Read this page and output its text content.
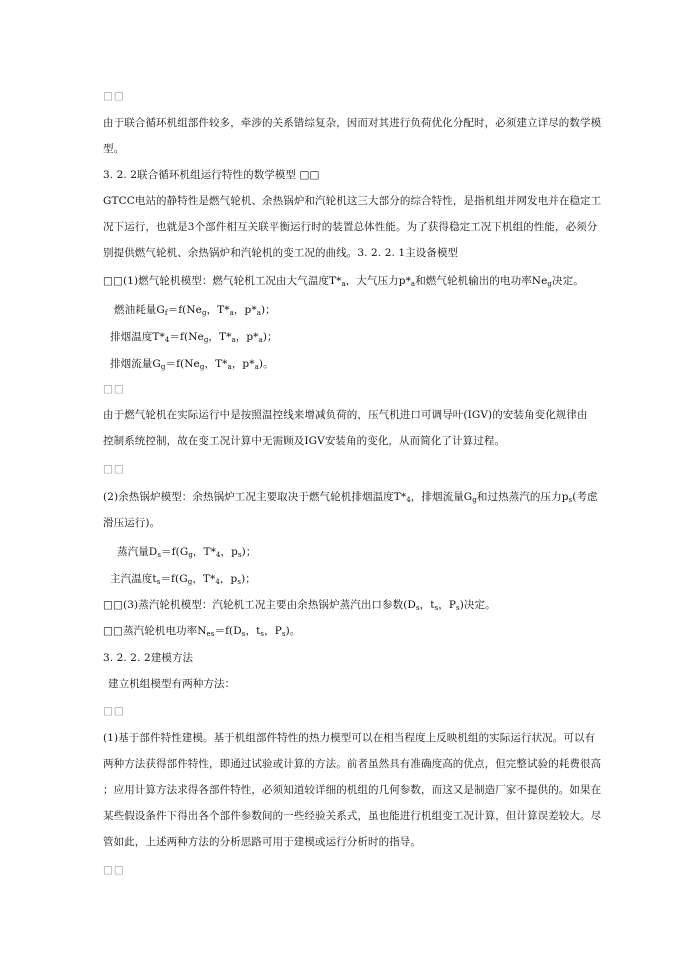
□□
由于联合循环机组部件较多，牵涉的关系错综复杂，因而对其进行负荷优化分配时，必须建立详尽的数学模
型。
3. 2. 2联合循环机组运行特性的数学模型 □□
GTCC电站的静特性是燃气轮机、余热锅炉和汽轮机这三大部分的综合特性，是指机组并网发电并在稳定工
况下运行，也就是3个部件相互关联平衡运行时的装置总体性能。为了获得稳定工况下机组的性能，必须分
别提供燃气轮机、余热锅炉和汽轮机的变工况的曲线。3. 2. 2. 1主设备模型
□□(1)燃气轮机模型：燃气轮机工况由大气温度$T*_a$，大气压力$p*_a$和燃气轮机输出的电功率$Ne_g$决定。
燃油耗量$G_f=f(Ne_g$，$T*_a$，$p*_a$)；
排烟温度$T*_4=f(Ne_g$，$T*_a$，$p*_a$)；
排烟流量$G_g=f(Ne_g$，$T*_a$，$p*_a$)。
□□
由于燃气轮机在实际运行中是按照温控线来增减负荷的，压气机进口可调导叶(IGV)的安装角变化规律由
控制系统控制，故在变工况计算中无需顾及IGV安装角的变化，从而简化了计算过程。
□□
(2)余热锅炉模型：余热锅炉工况主要取决于燃气轮机排烟温度$T*_4$，排烟流量$G_g$和过热蒸汽的压力$p_s$(考虑
滑压运行)。
蒸汽量$D_s=f(G_g$，$T*_4$，$p_s$)；
主汽温度$t_s=f(G_g$，$T*_4$，$p_s$)；
□□(3)蒸汽轮机模型：汽轮机工况主要由余热锅炉蒸汽出口参数($D_s$，$t_s$，$P_s$)决定。
□□蒸汽轮机电功率$N_{es}=f(D_s$，$t_s$，$P_s$)。
3. 2. 2. 2建模方法
建立机组模型有两种方法：
□□
(1)基于部件特性建模。基于机组部件特性的热力模型可以在相当程度上反映机组的实际运行状况。可以有
两种方法获得部件特性，即通过试验或计算的方法。前者虽然具有准确度高的优点，但完整试验的耗费很高
；应用计算方法求得各部件特性，必须知道较详细的机组的几何参数，而这又是制造厂家不提供的。如果在
某些假设条件下得出各个部件参数间的一些经验关系式，虽也能进行机组变工况计算，但计算误差较大。尽
管如此，上述两种方法的分析思路可用于建模或运行分析时的指导。
□□
